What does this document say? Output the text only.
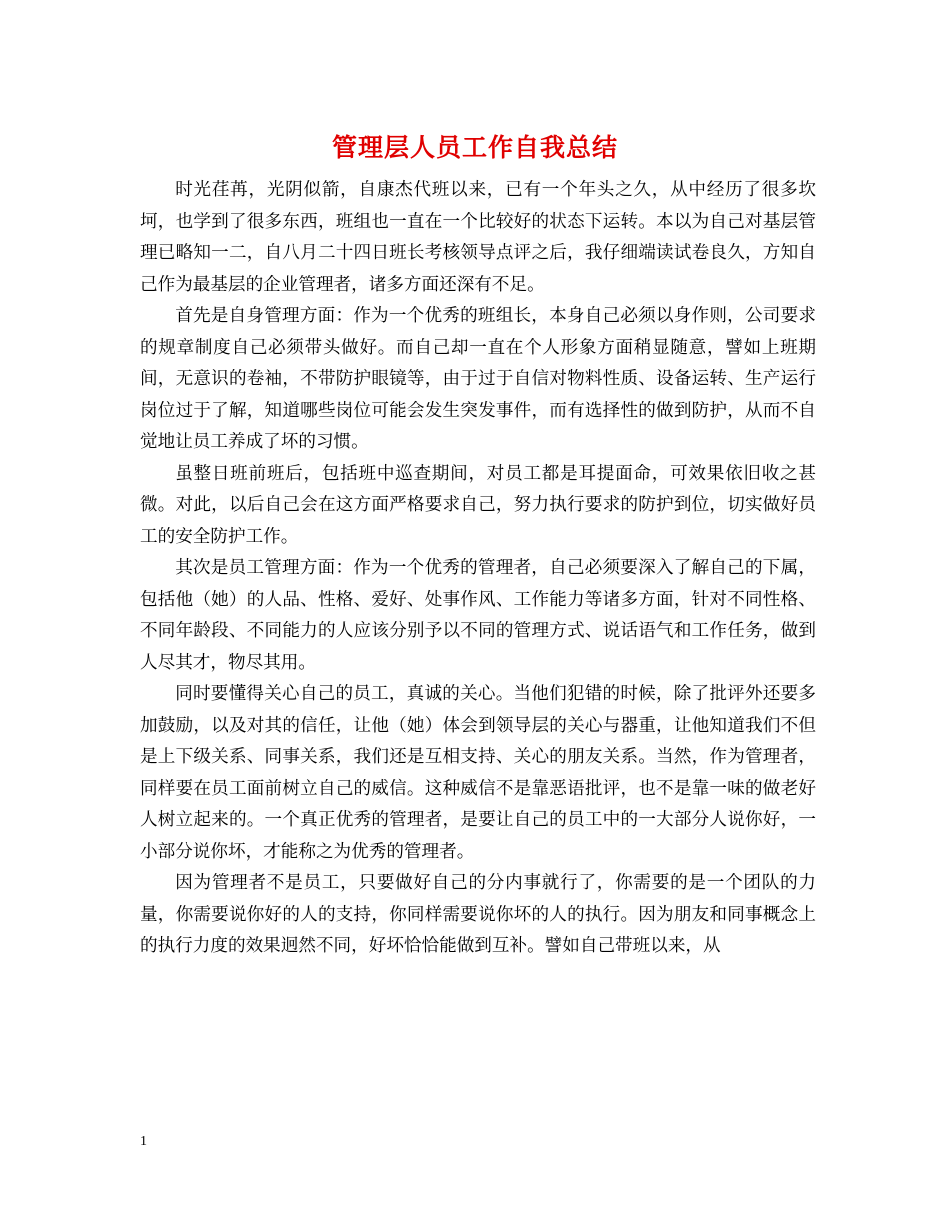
管理层人员工作自我总结

时光荏苒，光阴似箭，自康杰代班以来，已有一个年头之久，从中经历了很多坎坷，也学到了很多东西，班组也一直在一个比较好的状态下运转。本以为自己对基层管理已略知一二，自八月二十四日班长考核领导点评之后，我仔细端读试卷良久，方知自己作为最基层的企业管理者，诸多方面还深有不足。

首先是自身管理方面：作为一个优秀的班组长，本身自己必须以身作则，公司要求的规章制度自己必须带头做好。而自己却一直在个人形象方面稍显随意，譬如上班期间，无意识的卷袖，不带防护眼镜等，由于过于自信对物料性质、设备运转、生产运行岗位过于了解，知道哪些岗位可能会发生突发事件，而有选择性的做到防护，从而不自觉地让员工养成了坏的习惯。

虽整日班前班后，包括班中巡查期间，对员工都是耳提面命，可效果依旧收之甚微。对此，以后自己会在这方面严格要求自己，努力执行要求的防护到位，切实做好员工的安全防护工作。

其次是员工管理方面：作为一个优秀的管理者，自己必须要深入了解自己的下属，包括他（她）的人品、性格、爱好、处事作风、工作能力等诸多方面，针对不同性格、不同年龄段、不同能力的人应该分别予以不同的管理方式、说话语气和工作任务，做到人尽其才，物尽其用。

同时要懂得关心自己的员工，真诚的关心。当他们犯错的时候，除了批评外还要多加鼓励，以及对其的信任，让他（她）体会到领导层的关心与器重，让他知道我们不但是上下级关系、同事关系，我们还是互相支持、关心的朋友关系。当然，作为管理者，同样要在员工面前树立自己的威信。这种威信不是靠恶语批评，也不是靠一味的做老好人树立起来的。一个真正优秀的管理者，是要让自己的员工中的一大部分人说你好，一小部分说你坏，才能称之为优秀的管理者。

因为管理者不是员工，只要做好自己的分内事就行了，你需要的是一个团队的力量，你需要说你好的人的支持，你同样需要说你坏的人的执行。因为朋友和同事概念上的执行力度的效果迥然不同，好坏恰恰能做到互补。譬如自己带班以来，从

1
